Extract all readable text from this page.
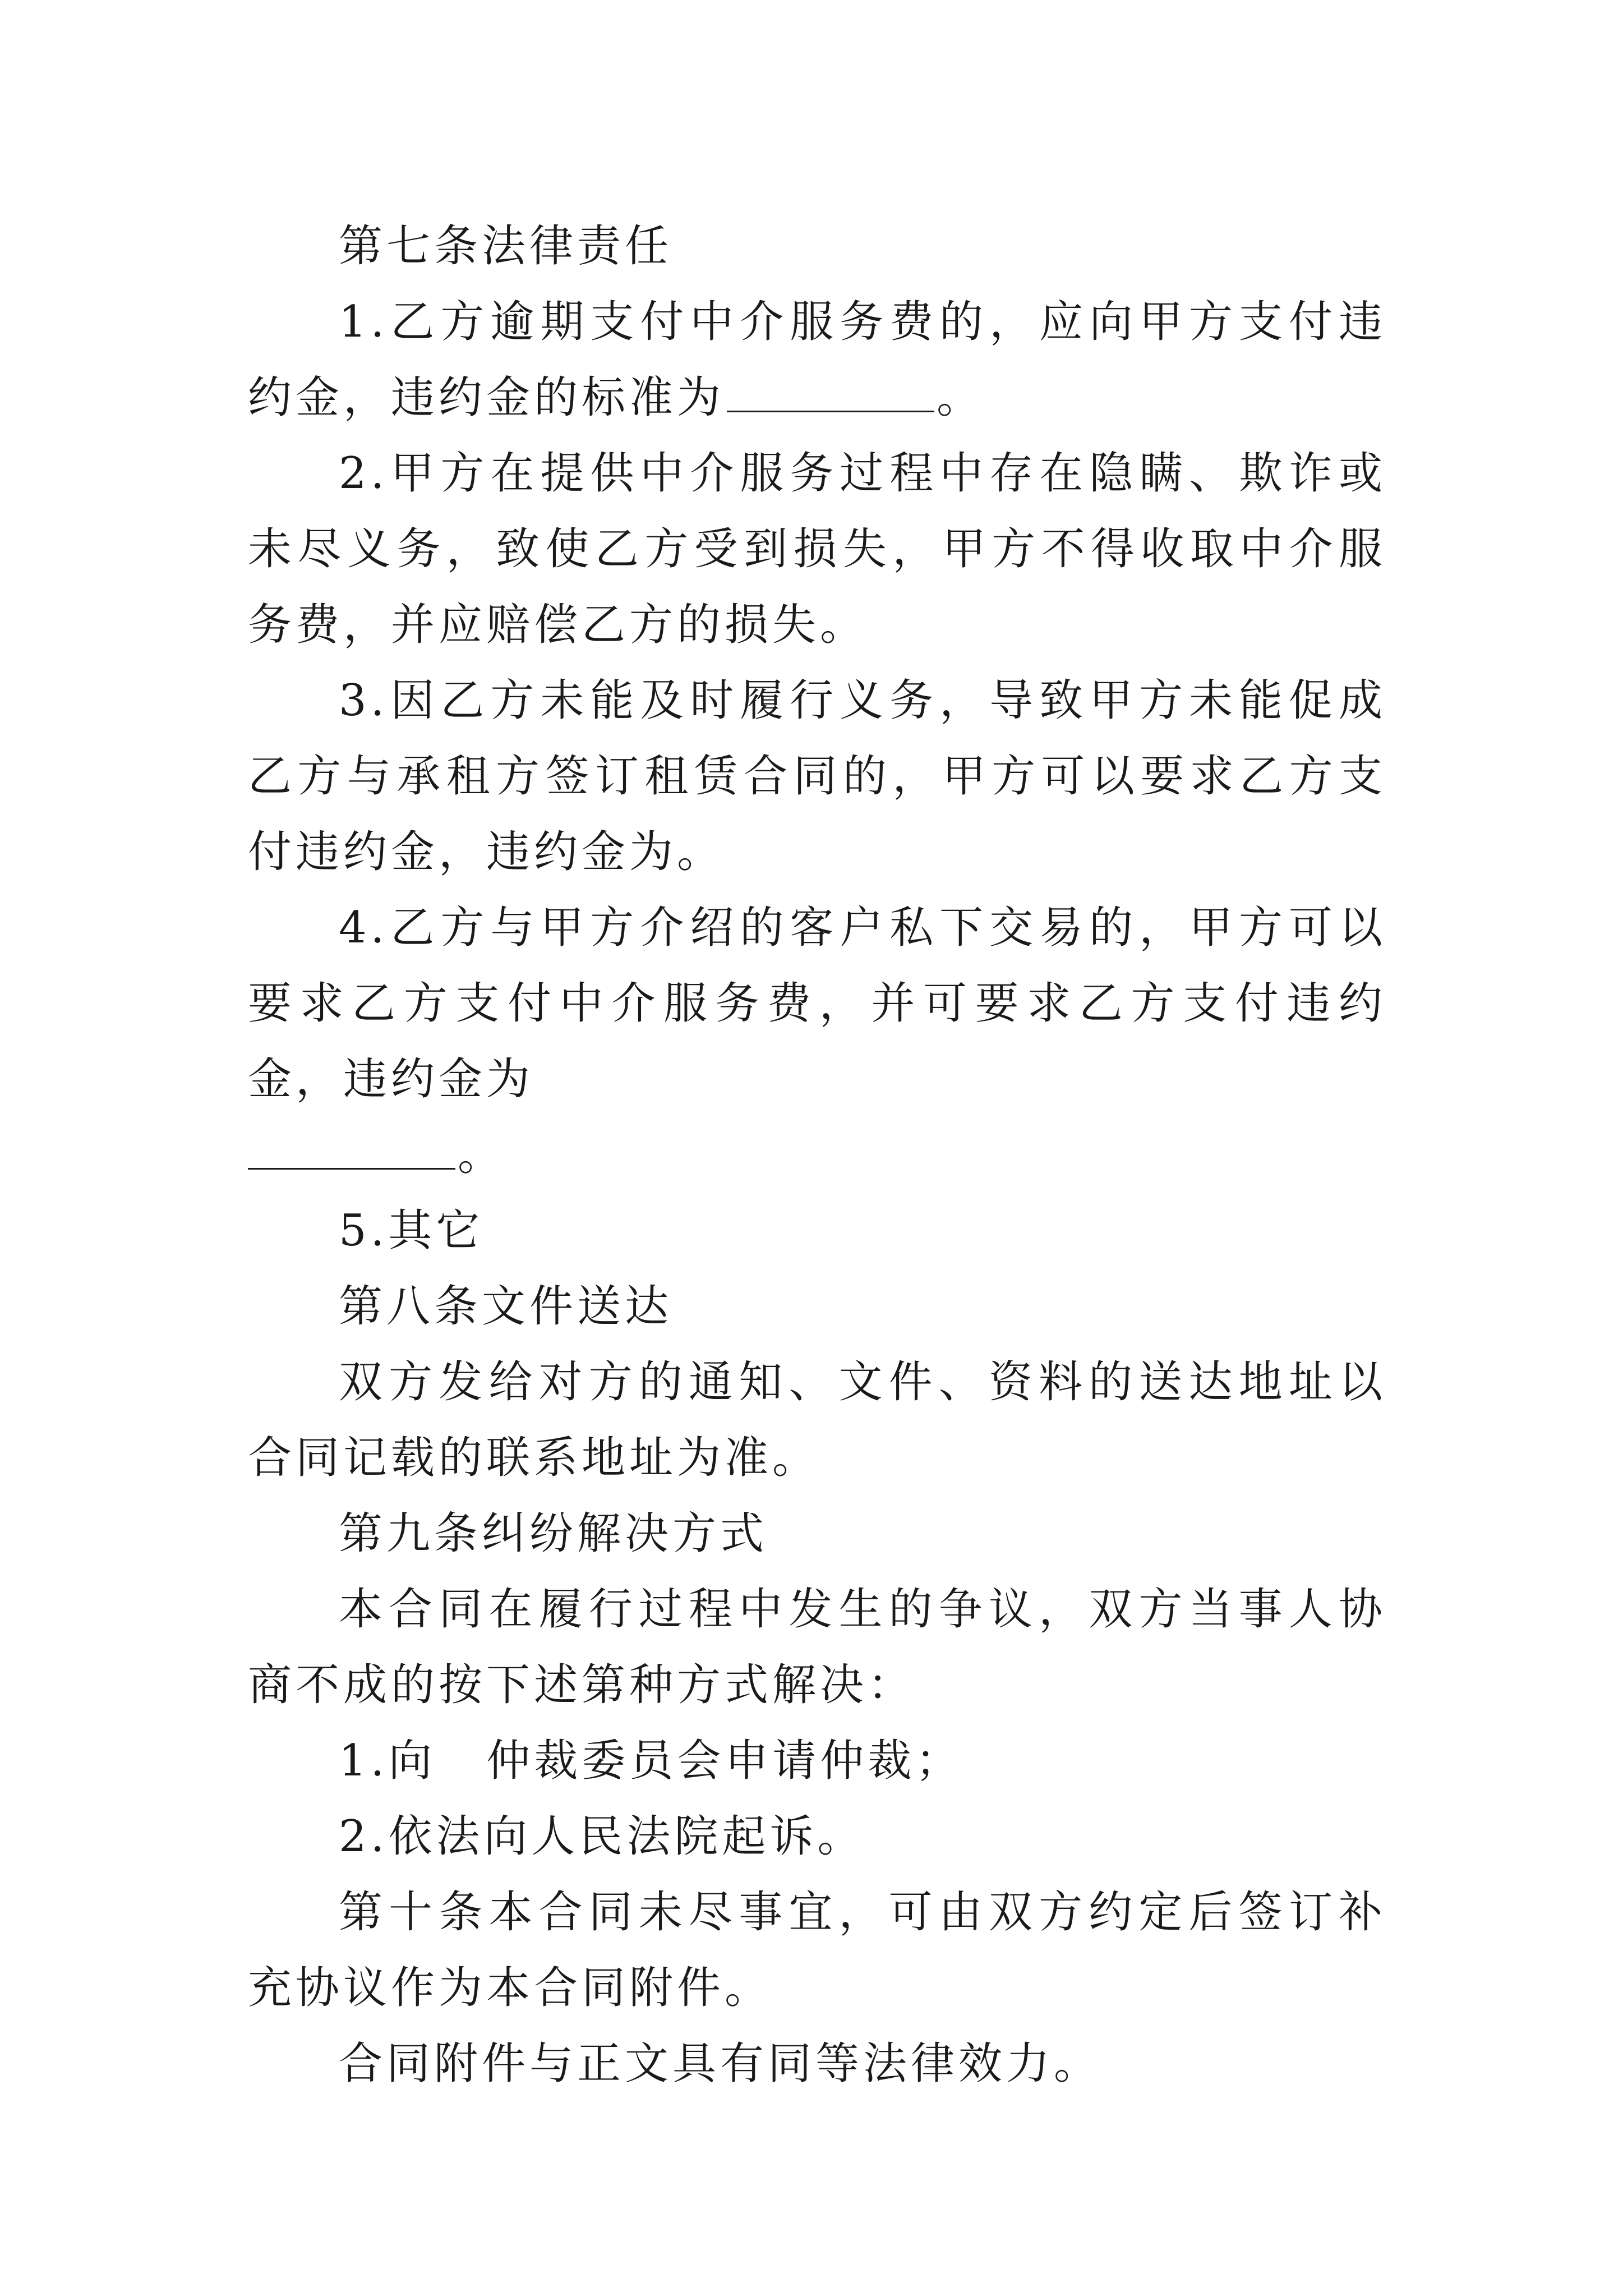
第七条法律责任

1.乙方逾期支付中介服务费的，应向甲方支付违约金，违约金的标准为	。

2.甲方在提供中介服务过程中存在隐瞒、欺诈或未尽义务，致使乙方受到损失，甲方不得收取中介服务费，并应赔偿乙方的损失。

3.因乙方未能及时履行义务，导致甲方未能促成乙方与承租方签订租赁合同的，甲方可以要求乙方支付违约金，违约金为。

4.乙方与甲方介绍的客户私下交易的，甲方可以要求乙方支付中介服务费，并可要求乙方支付违约金，违约金为

。

5.其它

第八条文件送达

双方发给对方的通知、文件、资料的送达地址以合同记载的联系地址为准。

第九条纠纷解决方式

本合同在履行过程中发生的争议，双方当事人协商不成的按下述第种方式解决：

1.向 仲裁委员会申请仲裁；

2.依法向人民法院起诉。

第十条本合同未尽事宜，可由双方约定后签订补充协议作为本合同附件。

合同附件与正文具有同等法律效力。
